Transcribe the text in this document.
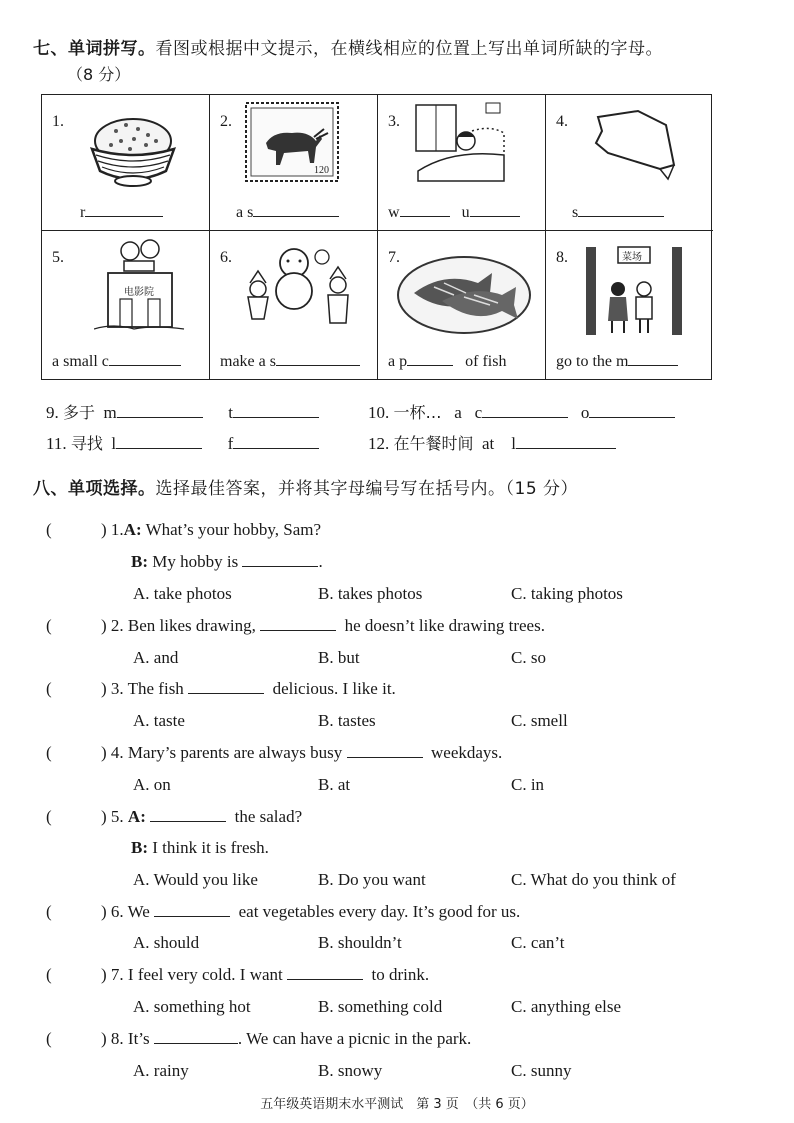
七、单词拼写。看图或根据中文提示，在横线相应的位置上写出单词所缺的字母。
（8 分）
1.
r
2.
120
a s
3.
w	u
4.
s
5.
电影院
a small c
6.
make a s
7.
a p	of fish
8.	菜场
go to the m
9. 多于 m	t	10. 一杯… a c	o
11. 寻找 l	f	12. 在午餐时间 at l
八、单项选择。选择最佳答案，并将其字母编号写在括号内。（15 分）
(	) 1.A: What’s your hobby, Sam?
B: My hobby is	.
A. take photos	B. takes photos	C. taking photos
(	) 2. Ben likes drawing,	he doesn’t like drawing trees.
A. and	B. but	C. so
(	) 3. The fish	delicious. I like it.
A. taste	B. tastes	C. smell
(	) 4. Mary’s parents are always busy	weekdays.
A. on	B. at	C. in
(	) 5. A:	the salad?
B: I think it is fresh.
A. Would you like	B. Do you want	C. What do you think of
(	) 6. We	eat vegetables every day. It’s good for us.
A. should	B. shouldn’t	C. can’t
(	) 7. I feel very cold. I want	to drink.
A. something hot	B. something cold	C. anything else
(	) 8. It’s	. We can have a picnic in the park.
A. rainy	B. snowy	C. sunny
五年级英语期末水平测试　第 3 页　（共 6 页）
